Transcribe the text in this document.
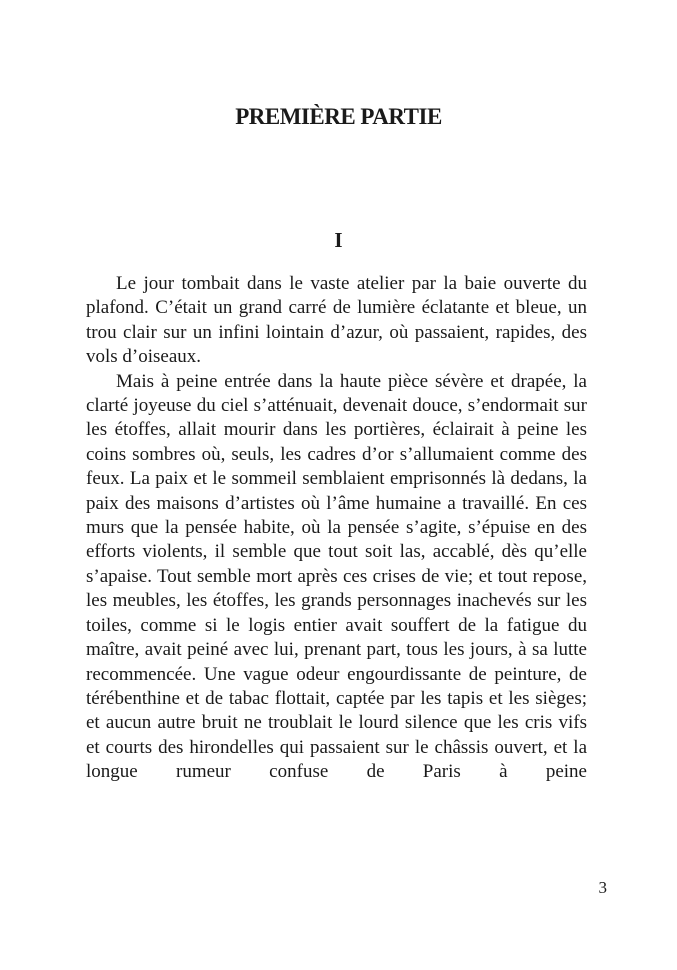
PREMIÈRE PARTIE
I

Le jour tombait dans le vaste atelier par la baie ouverte du plafond. C’était un grand carré de lumière éclatante et bleue, un trou clair sur un infini lointain d’azur, où passaient, rapides, des vols d’oiseaux.

Mais à peine entrée dans la haute pièce sévère et drapée, la clarté joyeuse du ciel s’atténuait, devenait douce, s’endormait sur les étoffes, allait mourir dans les portières, éclairait à peine les coins sombres où, seuls, les cadres d’or s’allumaient comme des feux. La paix et le sommeil semblaient emprisonnés là dedans, la paix des maisons d’artistes où l’âme humaine a travaillé. En ces murs que la pensée habite, où la pensée s’agite, s’épuise en des efforts violents, il semble que tout soit las, accablé, dès qu’elle s’apaise. Tout semble mort après ces crises de vie; et tout repose, les meubles, les étoffes, les grands personnages inachevés sur les toiles, comme si le logis entier avait souffert de la fatigue du maître, avait peiné avec lui, prenant part, tous les jours, à sa lutte recommencée. Une vague odeur engourdissante de peinture, de térébenthine et de tabac flottait, captée par les tapis et les sièges; et aucun autre bruit ne troublait le lourd silence que les cris vifs et courts des hirondelles qui passaient sur le châssis ouvert, et la longue rumeur confuse de Paris à peine

3
